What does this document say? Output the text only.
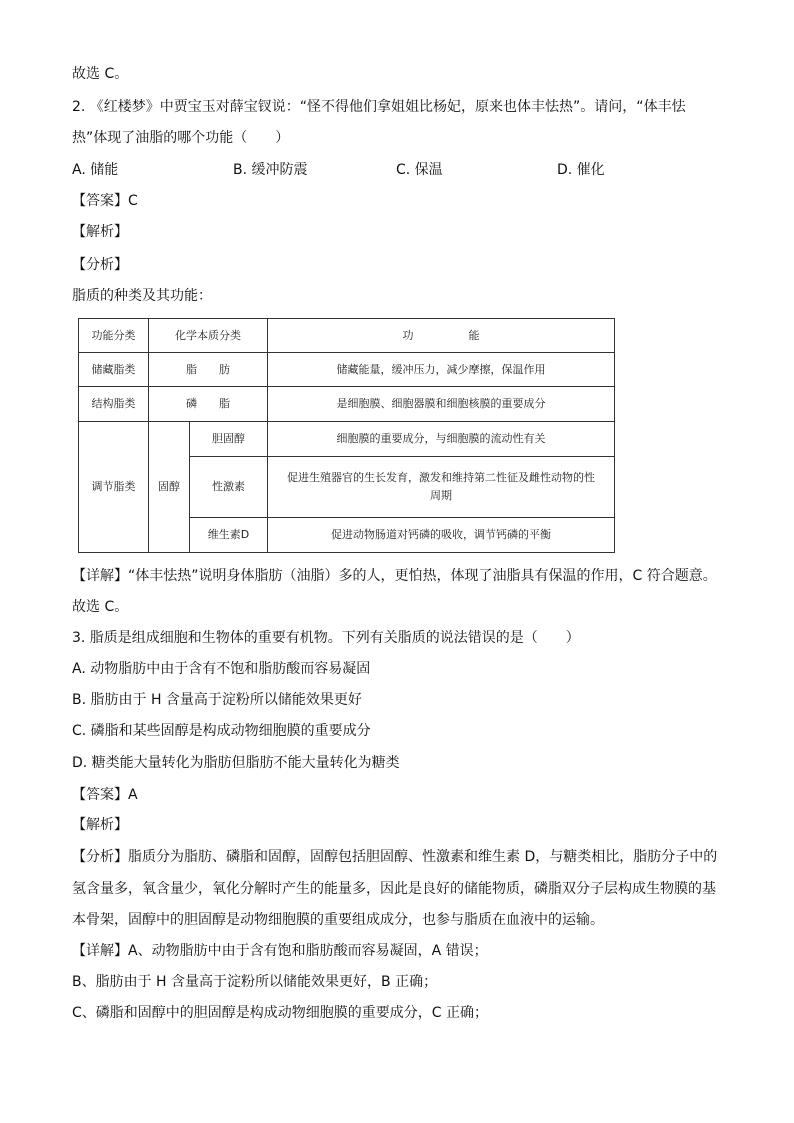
故选 C。
2. 《红楼梦》中贾宝玉对薛宝钗说：“怪不得他们拿姐姐比杨妃，原来也体丰怯热”。请问，“体丰怯
热”体现了油脂的哪个功能（　　）
A. 储能	B. 缓冲防震	C. 保温	D. 催化
【答案】C
【解析】
【分析】
脂质的种类及其功能：
功能分类	化学本质分类		功　　　　　能
储藏脂类	脂　　肪		储藏能量，缓冲压力，减少摩擦，保温作用
结构脂类	磷　　脂		是细胞膜、细胞器膜和细胞核膜的重要成分
调节脂类	固醇	胆固醇	细胞膜的重要成分，与细胞膜的流动性有关
		性激素	促进生殖器官的生长发育，激发和维持第二性征及雌性动物的性
周期

		维生素D	促进动物肠道对钙磷的吸收，调节钙磷的平衡
【详解】“体丰怯热”说明身体脂肪（油脂）多的人，更怕热，体现了油脂具有保温的作用，C 符合题意。
故选 C。
3. 脂质是组成细胞和生物体的重要有机物。下列有关脂质的说法错误的是（　　）
A. 动物脂肪中由于含有不饱和脂肪酸而容易凝固
B. 脂肪由于 H 含量高于淀粉所以储能效果更好
C. 磷脂和某些固醇是构成动物细胞膜的重要成分
D. 糖类能大量转化为脂肪但脂肪不能大量转化为糖类
【答案】A
【解析】
【分析】脂质分为脂肪、磷脂和固醇，固醇包括胆固醇、性激素和维生素 D，与糖类相比，脂肪分子中的
氢含量多，氧含量少，氧化分解时产生的能量多，因此是良好的储能物质，磷脂双分子层构成生物膜的基
本骨架，固醇中的胆固醇是动物细胞膜的重要组成成分，也参与脂质在血液中的运输。
【详解】A、动物脂肪中由于含有饱和脂肪酸而容易凝固，A 错误；
B、脂肪由于 H 含量高于淀粉所以储能效果更好，B 正确；
C、磷脂和固醇中的胆固醇是构成动物细胞膜的重要成分，C 正确；
